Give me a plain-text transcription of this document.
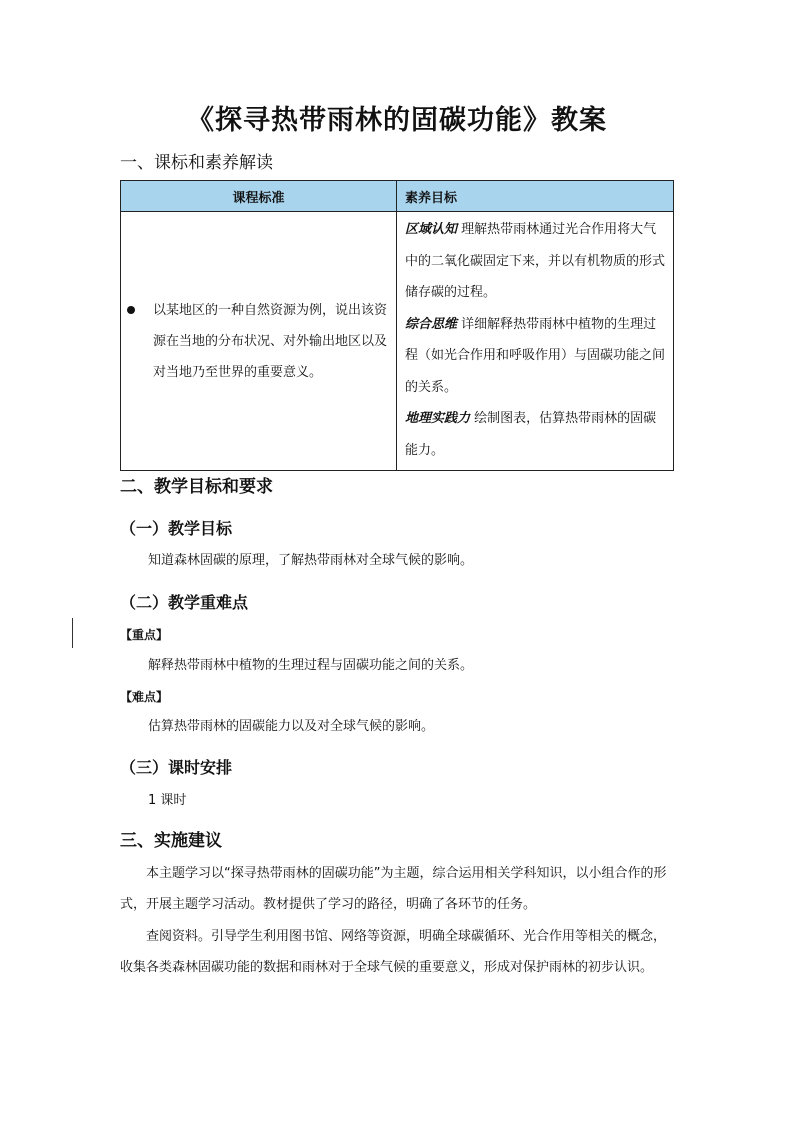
《探寻热带雨林的固碳功能》教案
一、课标和素养解读
课程标准	素养目标

以某地区的一种自然资源为例，说出该资源在当地的分布状况、对外输出地区以及对当地乃至世界的重要意义。	区域认知 理解热带雨林通过光合作用将大气中的二氧化碳固定下来，并以有机物质的形式储存碳的过程。
综合思维 详细解释热带雨林中植物的生理过程（如光合作用和呼吸作用）与固碳功能之间的关系。
地理实践力 绘制图表，估算热带雨林的固碳能力。
二、教学目标和要求
（一）教学目标
知道森林固碳的原理，了解热带雨林对全球气候的影响。
（二）教学重难点
【重点】
解释热带雨林中植物的生理过程与固碳功能之间的关系。
【难点】
估算热带雨林的固碳能力以及对全球气候的影响。
（三）课时安排
1 课时
三、实施建议
本主题学习以“探寻热带雨林的固碳功能”为主题，综合运用相关学科知识，以小组合作的形式，开展主题学习活动。教材提供了学习的路径，明确了各环节的任务。
查阅资料。引导学生利用图书馆、网络等资源，明确全球碳循环、光合作用等相关的概念，收集各类森林固碳功能的数据和雨林对于全球气候的重要意义，形成对保护雨林的初步认识。
